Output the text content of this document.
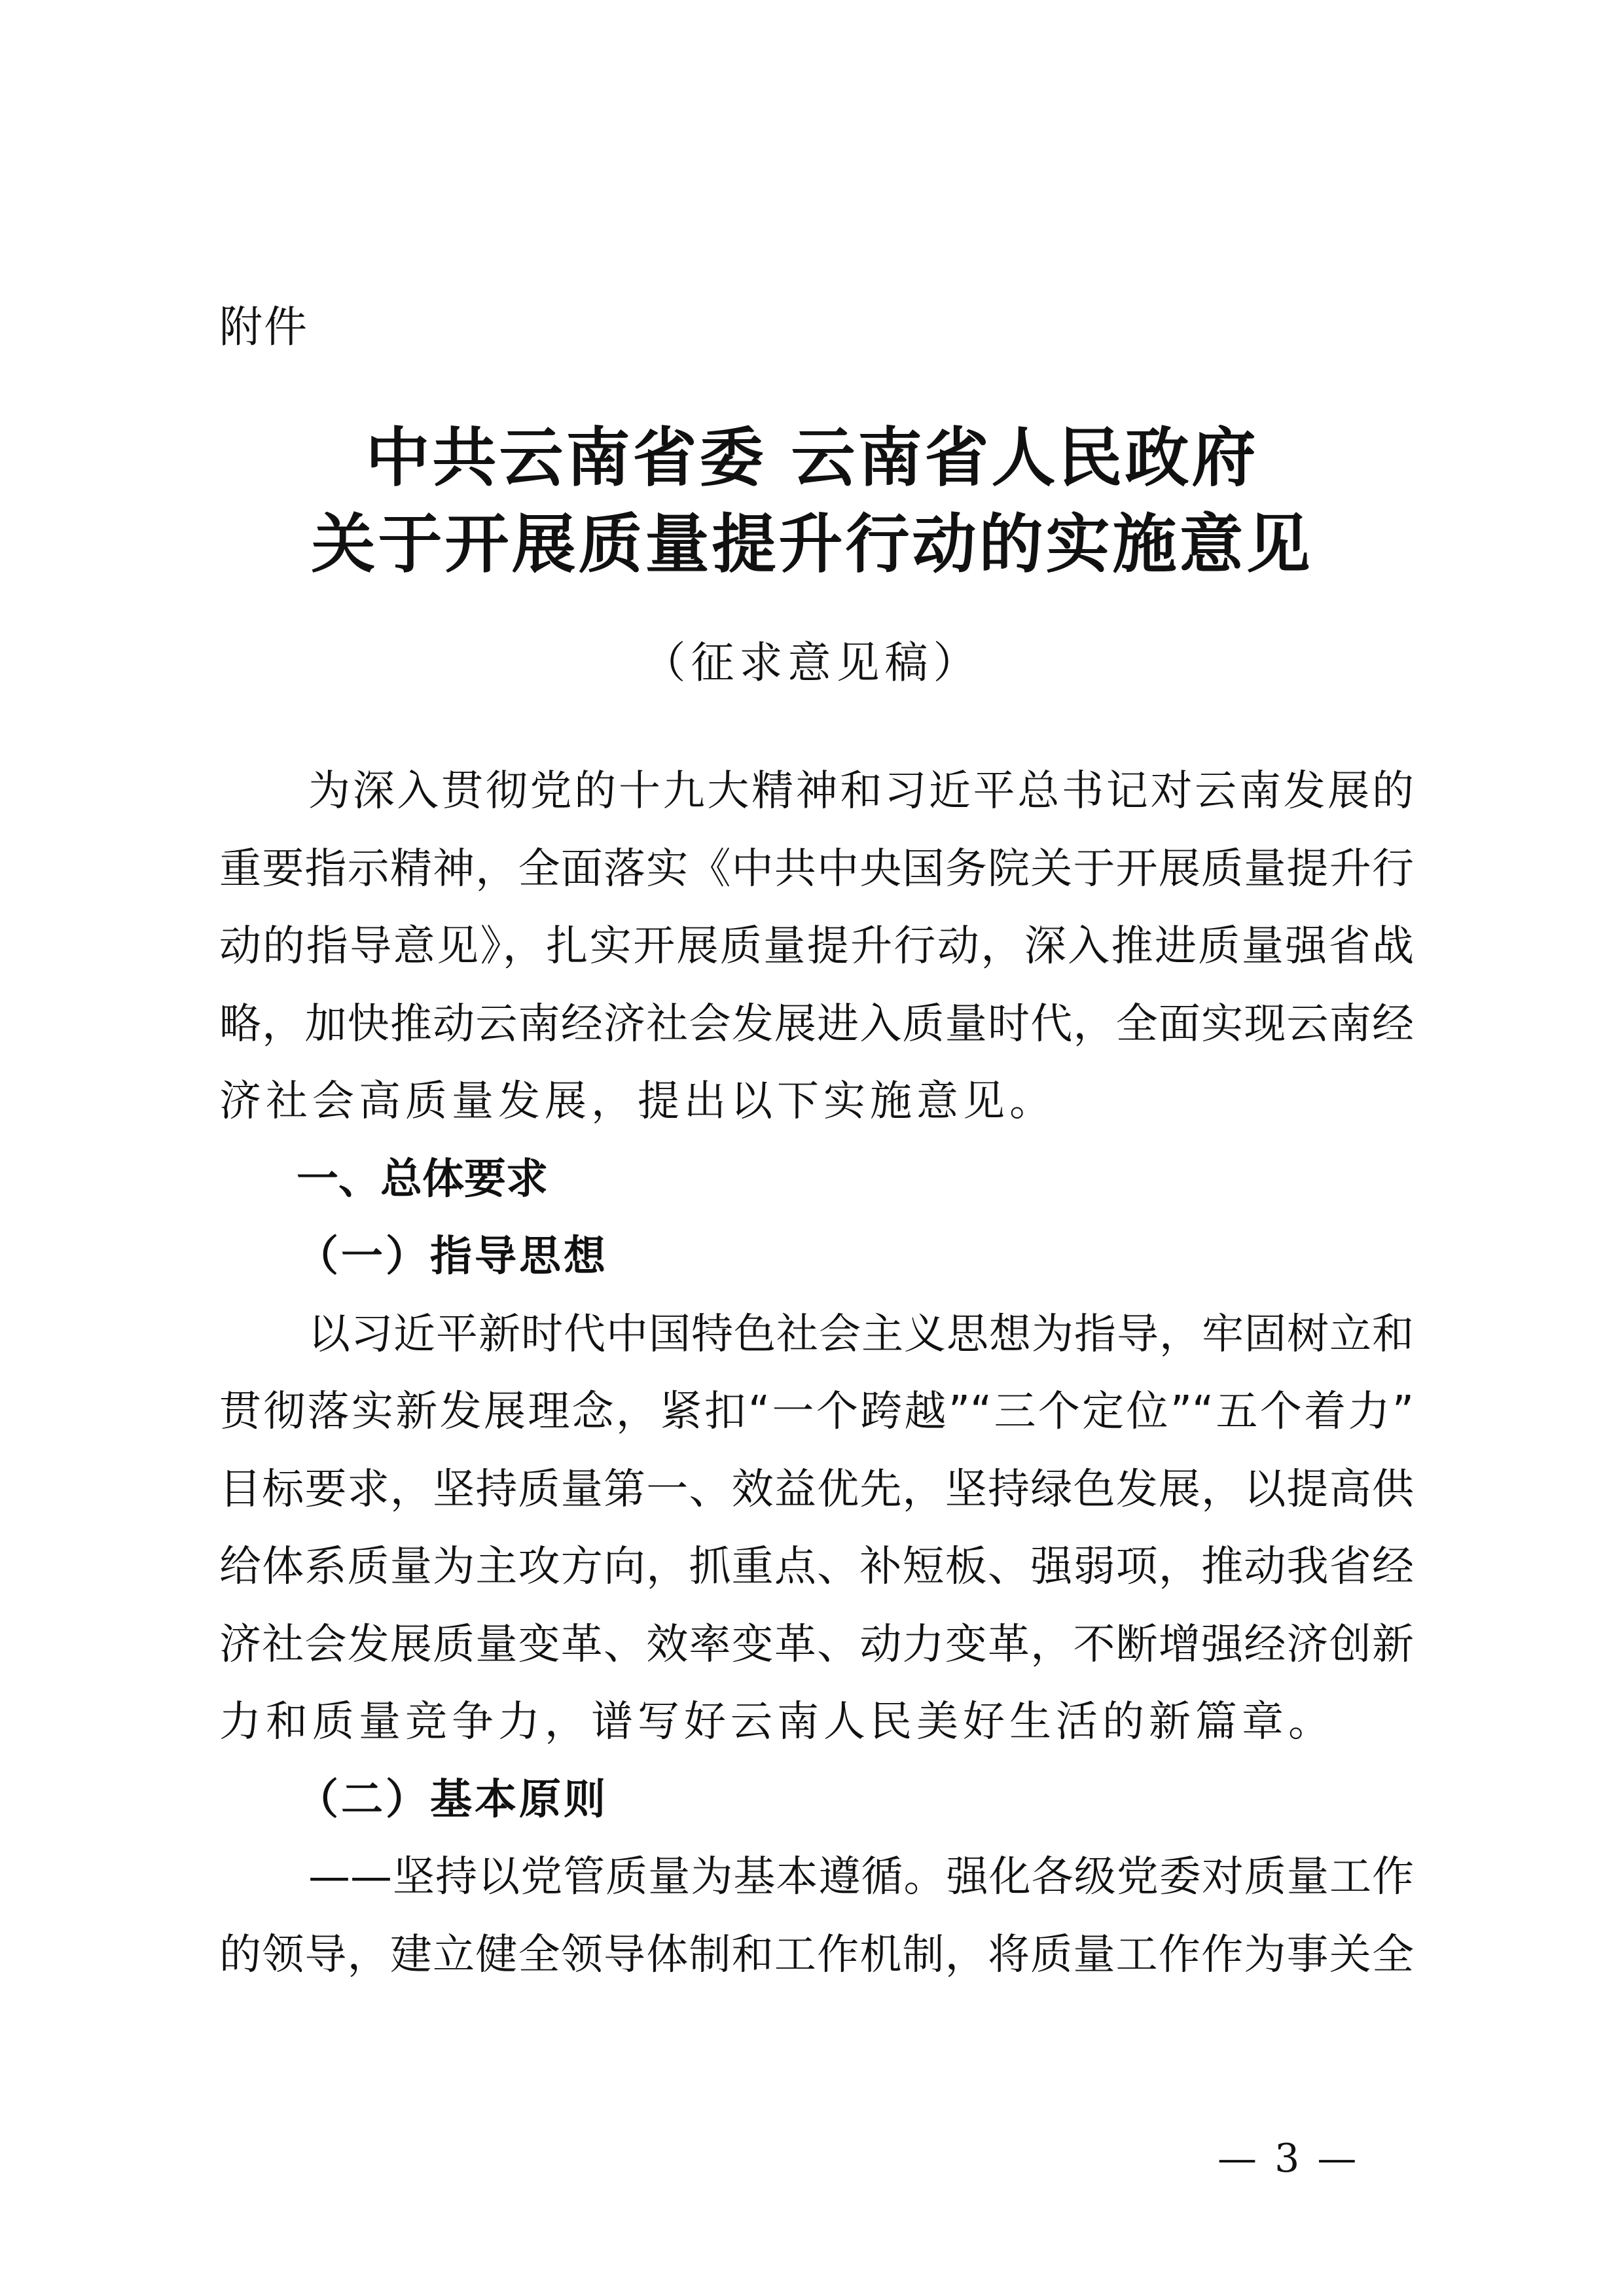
附件
中共云南省委 云南省人民政府
关于开展质量提升行动的实施意见
（征求意见稿）
为深入贯彻党的十九大精神和习近平总书记对云南发展的
重要指示精神，全面落实《中共中央国务院关于开展质量提升行
动的指导意见》，扎实开展质量提升行动，深入推进质量强省战
略，加快推动云南经济社会发展进入质量时代，全面实现云南经
济社会高质量发展，提出以下实施意见。
一、总体要求
（一）指导思想
以习近平新时代中国特色社会主义思想为指导，牢固树立和
贯彻落实新发展理念，紧扣“一个跨越”“三个定位”“五个着力”
目标要求，坚持质量第一、效益优先，坚持绿色发展，以提高供
给体系质量为主攻方向，抓重点、补短板、强弱项，推动我省经
济社会发展质量变革、效率变革、动力变革，不断增强经济创新
力和质量竞争力，谱写好云南人民美好生活的新篇章。
（二）基本原则
——坚持以党管质量为基本遵循。强化各级党委对质量工作
的领导，建立健全领导体制和工作机制，将质量工作作为事关全
— 3 —
